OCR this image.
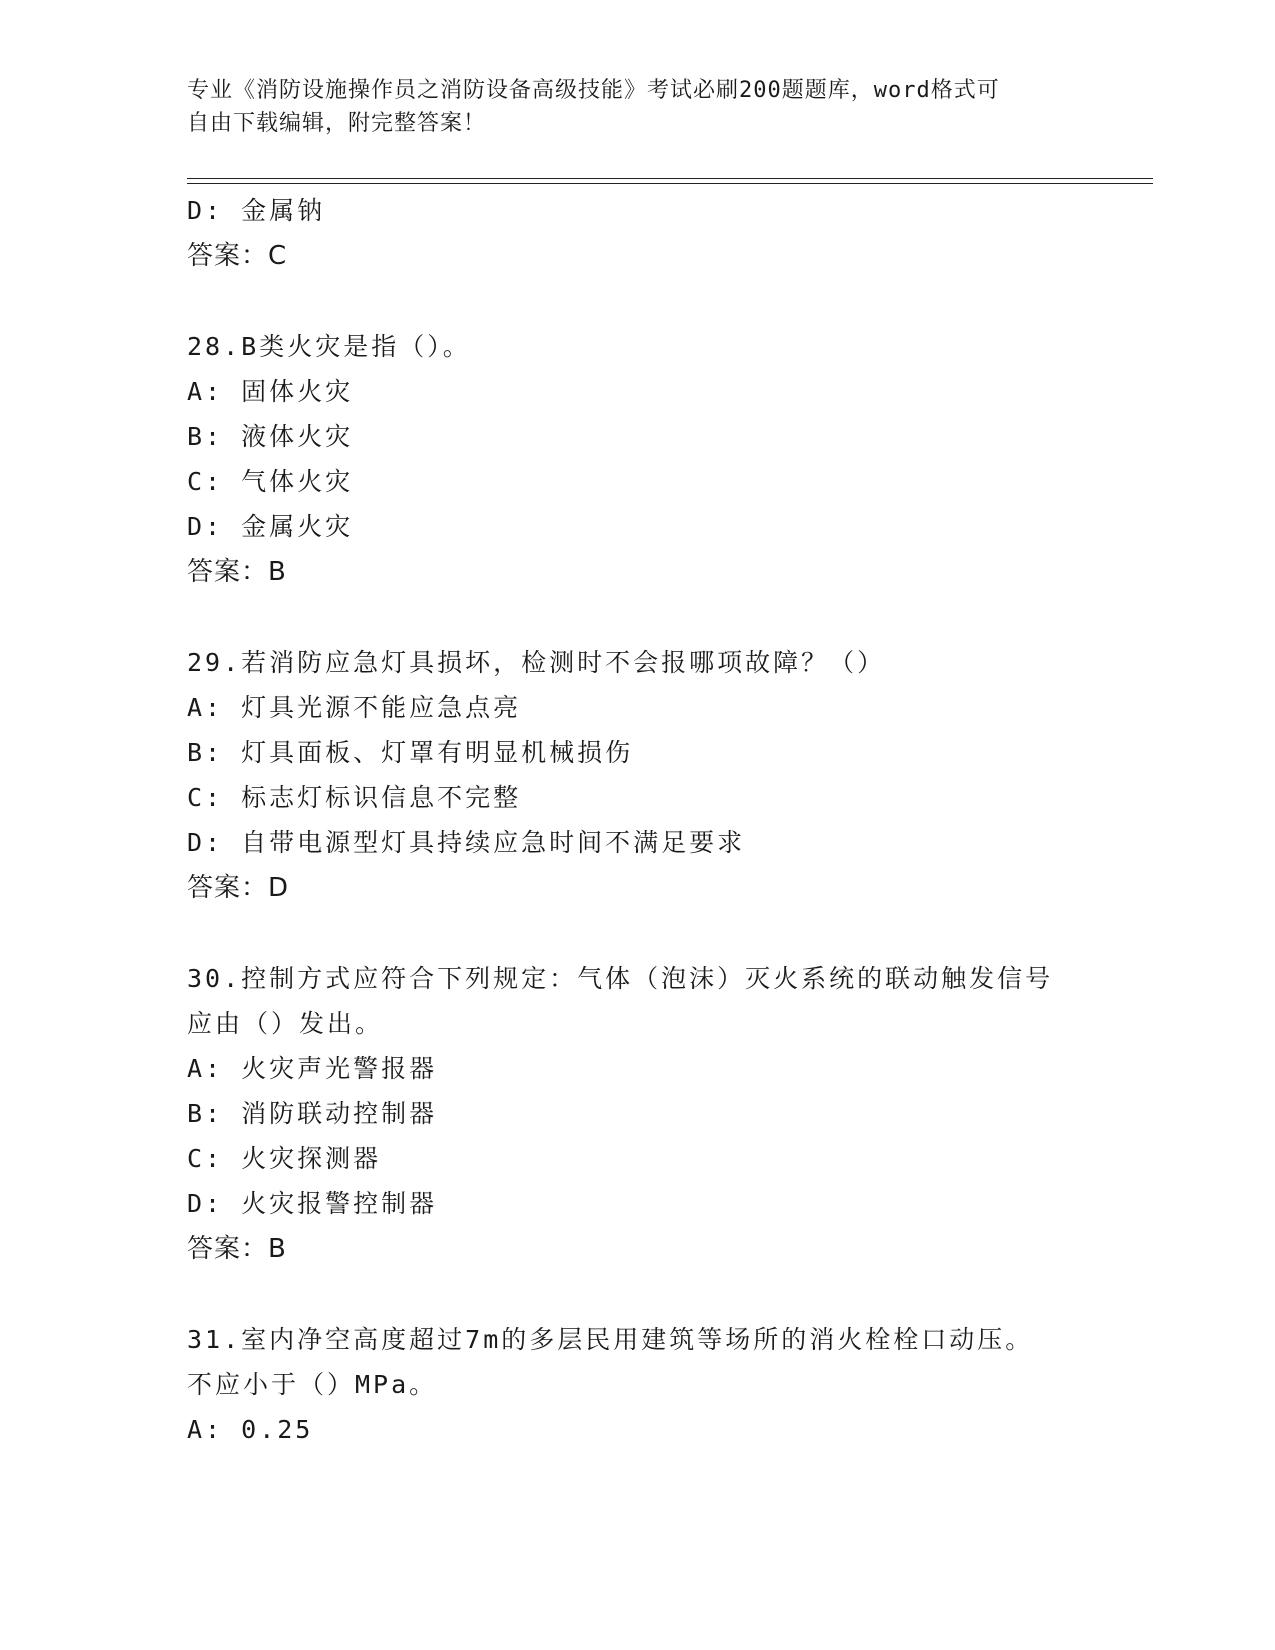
专业《消防设施操作员之消防设备高级技能》考试必刷200题题库，word格式可
自由下载编辑，附完整答案！
D: 金属钠
答案：C
28.B类火灾是指（）。
A: 固体火灾
B: 液体火灾
C: 气体火灾
D: 金属火灾
答案：B
29.若消防应急灯具损坏，检测时不会报哪项故障？（）
A: 灯具光源不能应急点亮
B: 灯具面板、灯罩有明显机械损伤
C: 标志灯标识信息不完整
D: 自带电源型灯具持续应急时间不满足要求
答案：D
30.控制方式应符合下列规定：气体（泡沫）灭火系统的联动触发信号
应由（）发出。
A: 火灾声光警报器
B: 消防联动控制器
C: 火灾探测器
D: 火灾报警控制器
答案：B
31.室内净空高度超过7m的多层民用建筑等场所的消火栓栓口动压。
不应小于（）MPa。
A: 0.25
